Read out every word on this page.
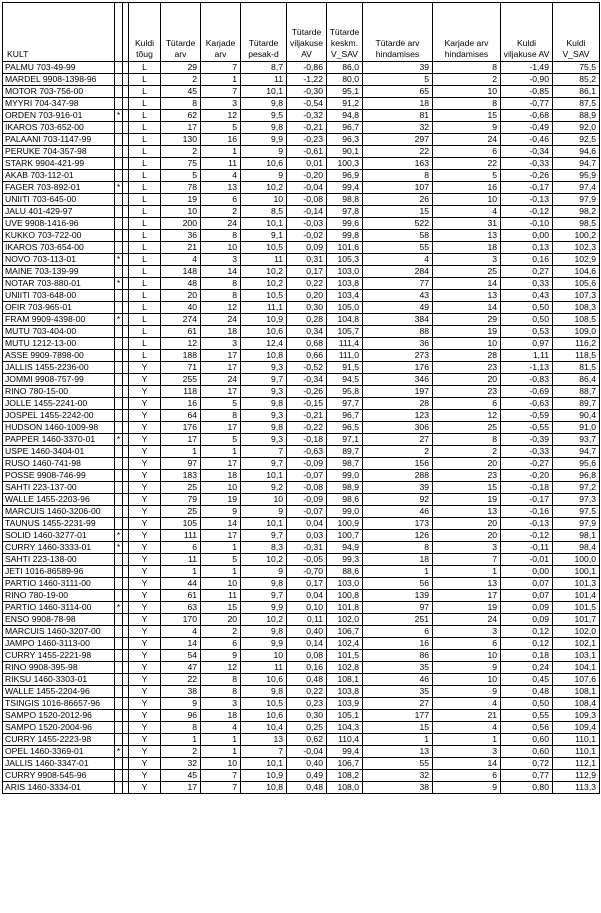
KULT			Kuldi tõug	Tütarde arv	Karjade arv	Tütarde pesak-d	Tütarde viljakuse AV	Tütarde keskm. V_SAV	Tütarde arv hindamises	Karjade arv hindamises	Kuldi viljakuse AV	Kuldi V_SAV
PALMU 703-49-99			L	29	7	8,7	-0,86	86,0	39	8	-1,49	75,5
MARDEL 9908-1398-96			L	2	1	11	-1,22	80,0	5	2	-0,90	85,2
MOTOR 703-756-00			L	45	7	10,1	-0,30	95,1	65	10	-0,85	86,1
MYYRI 704-347-98			L	8	3	9,8	-0,54	91,2	18	8	-0,77	87,5
ORDEN 703-916-01	*		L	62	12	9,5	-0,32	94,8	81	15	-0,68	88,9
IKAROS 703-652-00			L	17	5	9,8	-0,21	96,7	32	9	-0,49	92,0
PALAANI 703-1147-99			L	130	16	9,9	-0,23	96,3	297	24	-0,46	92,5
PERUKE 704-357-98			L	2	1	9	-0,61	90,1	22	6	-0,34	94,6
STARK 9904-421-99			L	75	11	10,6	0,01	100,3	163	22	-0,33	94,7
AKAB 703-112-01			L	5	4	9	-0,20	96,9	8	5	-0,26	95,9
FAGER 703-892-01	*		L	78	13	10,2	-0,04	99,4	107	16	-0,17	97,4
UNIITI 703-645-00			L	19	6	10	-0,08	98,8	26	10	-0,13	97,9
JALU 401-429-97			L	10	2	8,5	-0,14	97,8	15	4	-0,12	98,2
UVE 9908-1416-96			L	200	24	10,1	-0,03	99,6	522	31	-0,10	98,5
KUKKO 703-722-00			L	36	8	9,1	-0,02	99,8	58	13	0,00	100,2
IKAROS 703-654-00			L	21	10	10,5	0,09	101,6	55	18	0,13	102,3
NOVO 703-113-01	*		L	4	3	11	0,31	105,3	4	3	0,16	102,9
MAINE 703-139-99			L	148	14	10,2	0,17	103,0	284	25	0,27	104,6
NOTAR 703-880-01	*		L	48	8	10,2	0,22	103,8	77	14	0,33	105,6
UNIITI 703-648-00			L	20	8	10,5	0,20	103,4	43	13	0,43	107,3
OFIR 703-965-01			L	40	12	11,1	0,30	105,0	49	14	0,50	108,3
FRAM 9909-4398-00	*		L	274	24	10,9	0,28	104,8	384	29	0,50	108,5
MUTU 703-404-00			L	61	18	10,6	0,34	105,7	88	19	0,53	109,0
MUTU 1212-13-00			L	12	3	12,4	0,68	111,4	36	10	0,97	116,2
ASSE 9909-7898-00			L	188	17	10,8	0,66	111,0	273	28	1,11	118,5
JALLIS 1455-2236-00			Y	71	17	9,3	-0,52	91,5	176	23	-1,13	81,5
JOMMI 9908-757-99			Y	255	24	9,7	-0,34	94,5	346	20	-0,83	86,4
RINO 780-15-00			Y	118	17	9,3	-0,26	95,8	197	23	-0,69	88,7
JOLLE 1455-2241-00			Y	16	5	9,8	-0,15	97,7	28	6	-0,63	89,7
JOSPEL 1455-2242-00			Y	64	8	9,3	-0,21	96,7	123	12	-0,59	90,4
HUDSON 1460-1009-98			Y	176	17	9,8	-0,22	96,5	306	25	-0,55	91,0
PAPPER 1460-3370-01	*		Y	17	5	9,3	-0,18	97,1	27	8	-0,39	93,7
USPE 1460-3404-01			Y	1	1	7	-0,63	89,7	2	2	-0,33	94,7
RUSO 1460-741-98			Y	97	17	9,7	-0,09	98,7	156	20	-0,27	95,6
POSSE 9908-746-99			Y	183	18	10,1	-0,07	99,0	288	23	-0,20	96,8
SAHTI 223-137-00			Y	25	10	9,2	-0,08	98,9	39	15	-0,18	97,2
WALLE 1455-2203-96			Y	79	19	10	-0,09	98,6	92	19	-0,17	97,3
MARCUIS 1460-3206-00			Y	25	9	9	-0,07	99,0	46	13	-0,16	97,5
TAUNUS 1455-2231-99			Y	105	14	10,1	0,04	100,9	173	20	-0,13	97,9
SOLID 1460-3277-01	*		Y	111	17	9,7	0,03	100,7	126	20	-0,12	98,1
CURRY 1460-3333-01	*		Y	6	1	8,3	-0,31	94,9	8	3	-0,11	98,4
SAHTI 223-138-00			Y	11	5	10,2	-0,05	99,3	18	7	-0,01	100,0
JETI 1016-86589-96			Y	1	1	9	-0,70	88,6	1	1	0,00	100,1
PARTIO 1460-3111-00			Y	44	10	9,8	0,17	103,0	56	13	0,07	101,3
RINO 780-19-00			Y	61	11	9,7	0,04	100,8	139	17	0,07	101,4
PARTIO 1460-3114-00	*		Y	63	15	9,9	0,10	101,8	97	19	0,09	101,5
ENSO 9908-78-98			Y	170	20	10,2	0,11	102,0	251	24	0,09	101,7
MARCUIS 1460-3207-00			Y	4	2	9,8	0,40	106,7	6	3	0,12	102,0
JAMPO 1460-3113-00			Y	14	6	9,9	0,14	102,4	16	6	0,12	102,1
CURRY 1455-2221-98			Y	54	9	10	0,08	101,5	86	10	0,18	103,1
RINO 9908-395-98			Y	47	12	11	0,16	102,8	35	9	0,24	104,1
RIKSU 1460-3303-01			Y	22	8	10,6	0,48	108,1	46	10	0,45	107,6
WALLE 1455-2204-96			Y	38	8	9,8	0,22	103,8	35	9	0,48	108,1
TSINGIS 1016-86657-96			Y	9	3	10,5	0,23	103,9	27	4	0,50	108,4
SAMPO 1520-2012-96			Y	96	18	10,6	0,30	105,1	177	21	0,55	109,3
SAMPO 1520-2004-96			Y	8	4	10,4	0,25	104,3	15	4	0,56	109,4
CURRY 1455-2223-98			Y	1	1	13	0,62	110,4	1	1	0,60	110,1
OPEL 1460-3369-01	*		Y	2	1	7	-0,04	99,4	13	3	0,60	110,1
JALLIS 1460-3347-01			Y	32	10	10,1	0,40	106,7	55	14	0,72	112,1
CURRY 9908-545-96			Y	45	7	10,9	0,49	108,2	32	6	0,77	112,9
ARIS 1460-3334-01			Y	17	7	10,8	0,48	108,0	38	9	0,80	113,3
